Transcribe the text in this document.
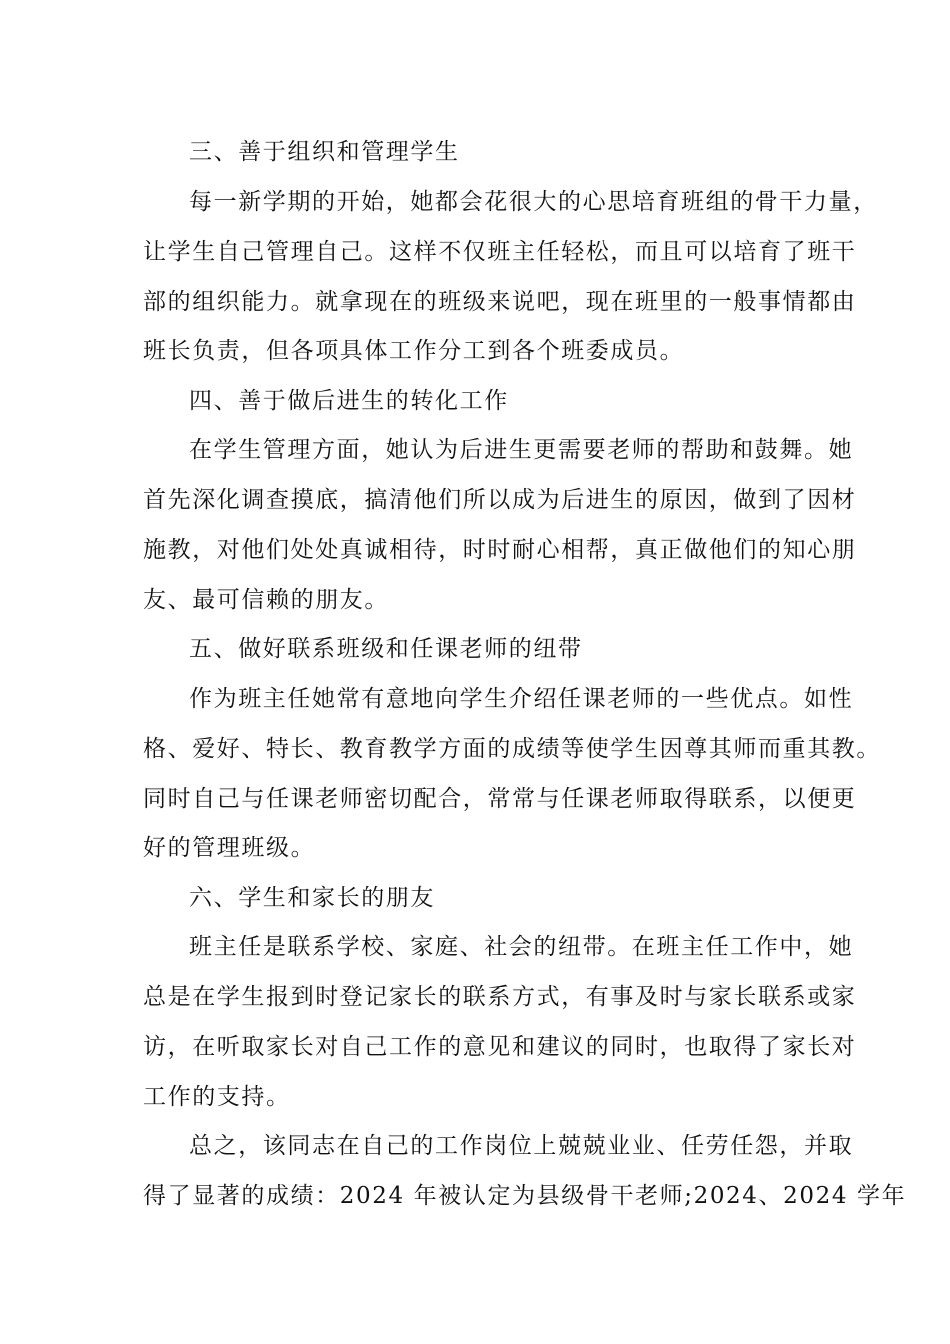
三、善于组织和管理学生

每一新学期的开始，她都会花很大的心思培育班组的骨干力量，

让学生自己管理自己。这样不仅班主任轻松，而且可以培育了班干

部的组织能力。就拿现在的班级来说吧，现在班里的一般事情都由

班长负责，但各项具体工作分工到各个班委成员。

四、善于做后进生的转化工作

在学生管理方面，她认为后进生更需要老师的帮助和鼓舞。她

首先深化调查摸底，搞清他们所以成为后进生的原因，做到了因材

施教，对他们处处真诚相待，时时耐心相帮，真正做他们的知心朋

友、最可信赖的朋友。

五、做好联系班级和任课老师的纽带

作为班主任她常有意地向学生介绍任课老师的一些优点。如性

格、爱好、特长、教育教学方面的成绩等使学生因尊其师而重其教。

同时自己与任课老师密切配合，常常与任课老师取得联系，以便更

好的管理班级。

六、学生和家长的朋友

班主任是联系学校、家庭、社会的纽带。在班主任工作中，她

总是在学生报到时登记家长的联系方式，有事及时与家长联系或家

访，在听取家长对自己工作的意见和建议的同时，也取得了家长对

工作的支持。

总之，该同志在自己的工作岗位上兢兢业业、任劳任怨，并取

得了显著的成绩：2024 年被认定为县级骨干老师;2024、2024 学年
